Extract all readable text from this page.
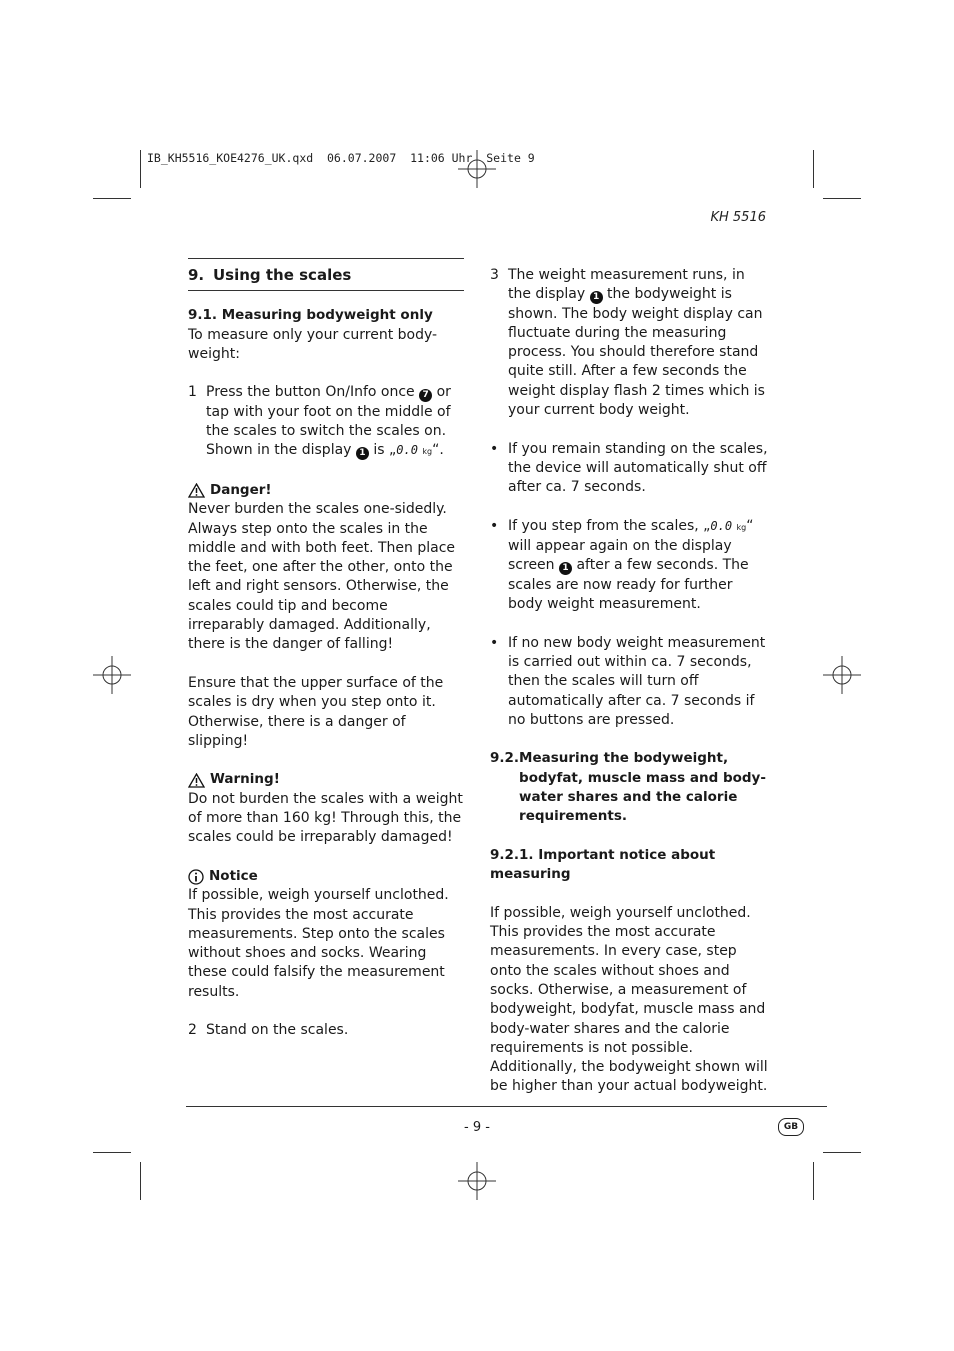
IB_KH5516_KOE4276_UK.qxd  06.07.2007  11:06 Uhr  Seite 9
KH 5516
9. Using the scales

9.1. Measuring bodyweight only

To measure only your current body-weight:

1 Press the button On/Info once 7 or tap with your foot on the middle of the scales to switch the scales on. Shown in the display 1 is „0.0 kg“.
Danger!

Never burden the scales one-sidedly. Always step onto the scales in the middle and with both feet. Then place the feet, one after the other, onto the left and right sensors. Otherwise, the scales could tip and become irreparably damaged. Additionally, there is the danger of falling!

Ensure that the upper surface of the scales is dry when you step onto it. Otherwise, there is a danger of slipping!

Warning!

Do not burden the scales with a weight of more than 160 kg! Through this, the scales could be irreparably damaged!

Notice

If possible, weigh yourself unclothed. This provides the most accurate measurements. Step onto the scales without shoes and socks. Wearing these could falsify the measurement results.

2 Stand on the scales.
3 The weight measurement runs, in the display 1 the bodyweight is shown. The body weight display can fluctuate during the measuring process. You should therefore stand quite still. After a few seconds the weight display flash 2 times which is your current body weight.
• If you remain standing on the scales, the device will automatically shut off after ca. 7 seconds.
• If you step from the scales, „0.0 kg“ will appear again on the display screen 1 after a few seconds. The scales are now ready for further body weight measurement.
• If no new body weight measurement is carried out within ca. 7 seconds, then the scales will turn off automatically after ca. 7 seconds if no buttons are pressed.
9.2. Measuring the bodyweight, bodyfat, muscle mass and body-water shares and the calorie requirements.

9.2.1. Important notice about measuring

If possible, weigh yourself unclothed. This provides the most accurate measurements. In every case, step onto the scales without shoes and socks. Otherwise, a measurement of bodyweight, bodyfat, muscle mass and body-water shares and the calorie requirements is not possible. Additionally, the bodyweight shown will be higher than your actual bodyweight.

- 9 -	GB
